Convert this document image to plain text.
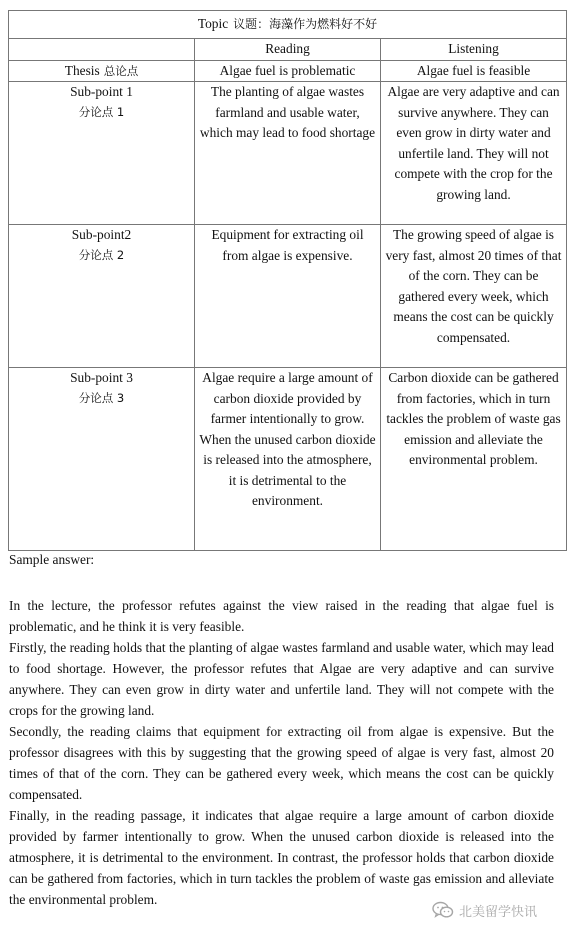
Topic 议题：海藻作为燃料好不好		
	Reading	Listening
Thesis 总论点	Algae fuel is problematic	Algae fuel is feasible

Sub-point 1
分论点 1	The planting of algae wastes farmland and usable water, which may lead to food shortage	Algae are very adaptive and can survive anywhere. They can even grow in dirty water and unfertile land. They will not compete with the crop for the growing land.

Sub-point2
分论点 2	Equipment for extracting oil from algae is expensive.	The growing speed of algae is very fast, almost 20 times of that of the corn. They can be gathered every week, which means the cost can be quickly compensated.

Sub-point 3
分论点 3	Algae require a large amount of carbon dioxide provided by farmer intentionally to grow. When the unused carbon dioxide is released into the atmosphere, it is detrimental to the environment.	Carbon dioxide can be gathered from factories, which in turn tackles the problem of waste gas emission and alleviate the environmental problem.
Sample answer:

In the lecture, the professor refutes against the view raised in the reading that algae fuel is problematic, and he think it is very feasible.

Firstly, the reading holds that the planting of algae wastes farmland and usable water, which may lead to food shortage. However, the professor refutes that Algae are very adaptive and can survive anywhere. They can even grow in dirty water and unfertile land. They will not compete with the crops for the growing land.

Secondly, the reading claims that equipment for extracting oil from algae is expensive. But the professor disagrees with this by suggesting that the growing speed of algae is very fast, almost 20 times of that of the corn. They can be gathered every week, which means the cost can be quickly compensated.

Finally, in the reading passage, it indicates that algae require a large amount of carbon dioxide provided by farmer intentionally to grow. When the unused carbon dioxide is released into the atmosphere, it is detrimental to the environment. In contrast, the professor holds that carbon dioxide can be gathered from factories, which in turn tackles the problem of waste gas emission and alleviate the environmental problem.

北美留学快讯
